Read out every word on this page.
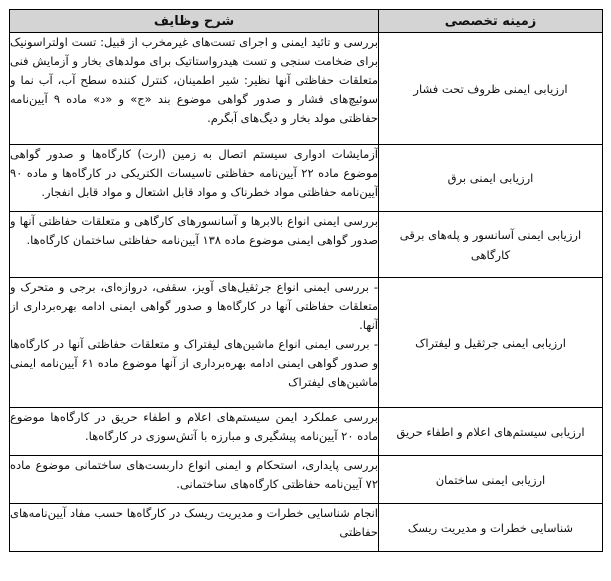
زمینه تخصصی	شرح وظایف
ارزیابی ایمنی ظروف تحت فشار	بررسی و تائید ایمنی و اجرای تست‌های غیرمخرب از قبیل: تست اولتراسونیک برای ضخامت سنجی و تست هیدرواستاتیک برای مولدهای بخار و آزمایش فنی متعلقات حفاظتی آنها نظیر: شیر اطمینان، کنترل کننده سطح آب، آب نما و سوئیچ‌های فشار و صدور گواهی موضوع بند «ج» و «د» ماده ۹ آیین‌نامه حفاظتی مولد بخار و دیگ‌های آبگرم.

ارزیابی ایمنی برق	آزمایشات ادواری سیستم اتصال به زمین (ارت) کارگاه‌ها و صدور گواهی موضوع ماده ۲۲ آیین‌نامه حفاظتی تاسیسات الکتریکی در کارگاه‌ها و ماده ۹۰ آیین‌نامه حفاظتی مواد خطرناک و مواد قابل اشتعال و مواد قابل انفجار.

ارزیابی ایمنی آسانسور و پله‌های برقی کارگاهی	بررسی ایمنی انواع بالابرها و آسانسورهای کارگاهی و متعلقات حفاظتی آنها و صدور گواهی ایمنی موضوع ماده ۱۳۸ آیین‌نامه حفاظتی ساختمان کارگاه‌ها.

ارزیابی ایمنی جرثقیل و لیفتراک	- بررسی ایمنی انواع جرثقیل‌های آویز، سقفی، دروازه‌ای، برجی و متحرک و متعلقات حفاظتی آنها در کارگاه‌ها و صدور گواهی ایمنی ادامه بهره‌برداری از آنها.

- بررسی ایمنی انواع ماشین‌های لیفتراک و متعلقات حفاظتی آنها در کارگاه‌ها و صدور گواهی ایمنی ادامه بهره‌برداری از آنها موضوع ماده ۶۱ آیین‌نامه ایمنی ماشین‌های لیفتراک

ارزیابی سیستم‌های اعلام و اطفاء حریق	بررسی عملکرد ایمن سیستم‌های اعلام و اطفاء حریق در کارگاه‌ها موضوع ماده ۲۰ آیین‌نامه پیشگیری و مبارزه با آتش‌سوزی در کارگاه‌ها.

ارزیابی ایمنی ساختمان	بررسی پایداری، استحکام و ایمنی انواع داربست‌های ساختمانی موضوع ماده ۷۲ آیین‌نامه حفاظتی کارگاه‌های ساختمانی.

شناسایی خطرات و مدیریت ریسک	انجام شناسایی خطرات و مدیریت ریسک در کارگاه‌ها حسب مفاد آیین‌نامه‌های حفاظتی
